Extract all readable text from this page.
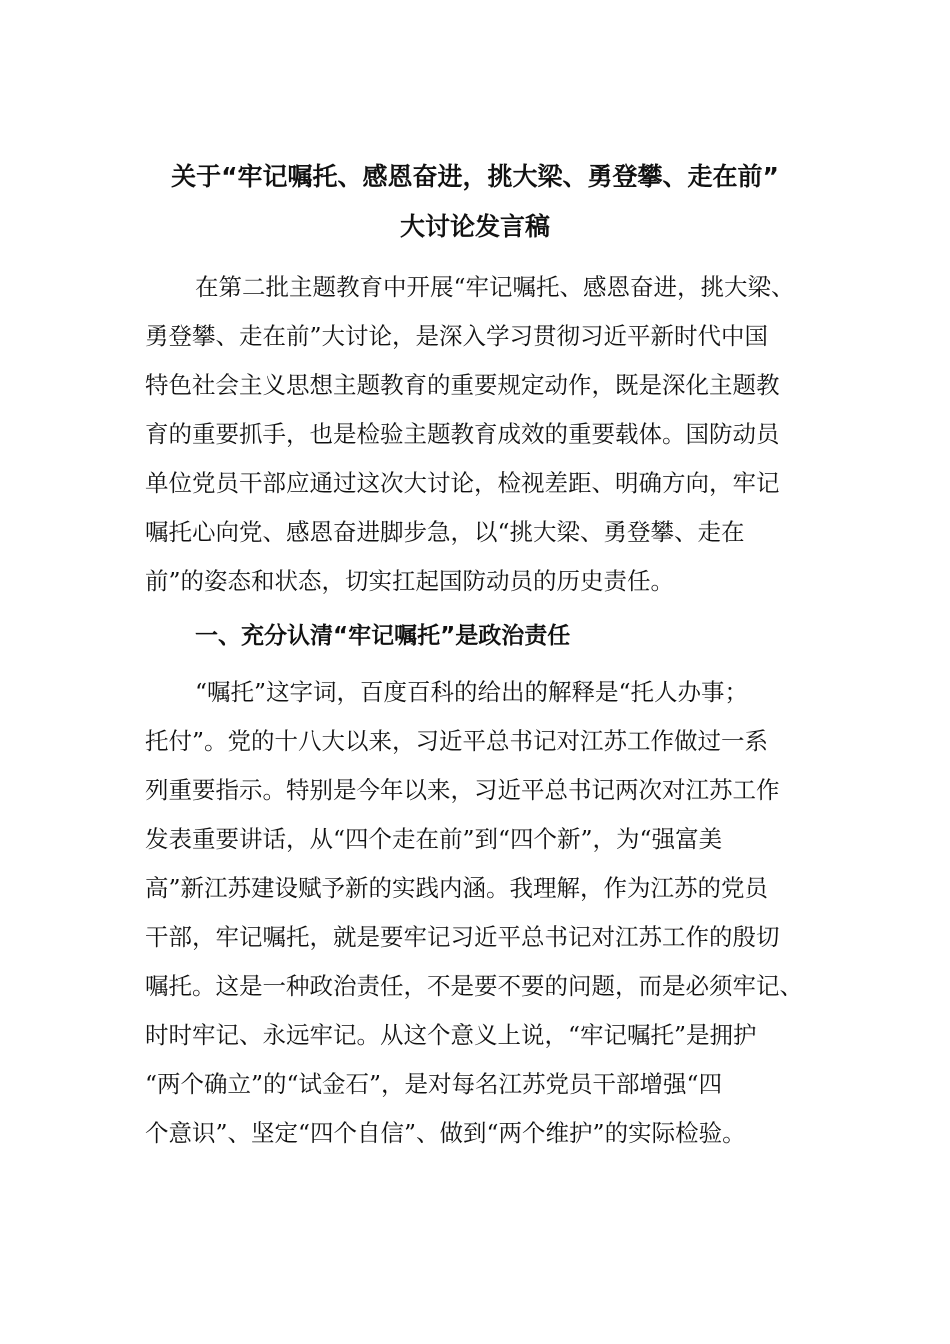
关于“牢记嘱托、感恩奋进，挑大梁、勇登攀、走在前”
大讨论发言稿

在第二批主题教育中开展“牢记嘱托、感恩奋进，挑大梁、

勇登攀、走在前”大讨论，是深入学习贯彻习近平新时代中国

特色社会主义思想主题教育的重要规定动作，既是深化主题教

育的重要抓手，也是检验主题教育成效的重要载体。国防动员

单位党员干部应通过这次大讨论，检视差距、明确方向，牢记

嘱托心向党、感恩奋进脚步急，以“挑大梁、勇登攀、走在

前”的姿态和状态，切实扛起国防动员的历史责任。

一、充分认清“牢记嘱托”是政治责任

“嘱托”这字词，百度百科的给出的解释是“托人办事；

托付”。党的十八大以来，习近平总书记对江苏工作做过一系

列重要指示。特别是今年以来，习近平总书记两次对江苏工作

发表重要讲话，从“四个走在前”到“四个新”，为“强富美

高”新江苏建设赋予新的实践内涵。我理解，作为江苏的党员

干部，牢记嘱托，就是要牢记习近平总书记对江苏工作的殷切

嘱托。这是一种政治责任，不是要不要的问题，而是必须牢记、

时时牢记、永远牢记。从这个意义上说，“牢记嘱托”是拥护

“两个确立”的“试金石”，是对每名江苏党员干部增强“四

个意识”、坚定“四个自信”、做到“两个维护”的实际检验。
